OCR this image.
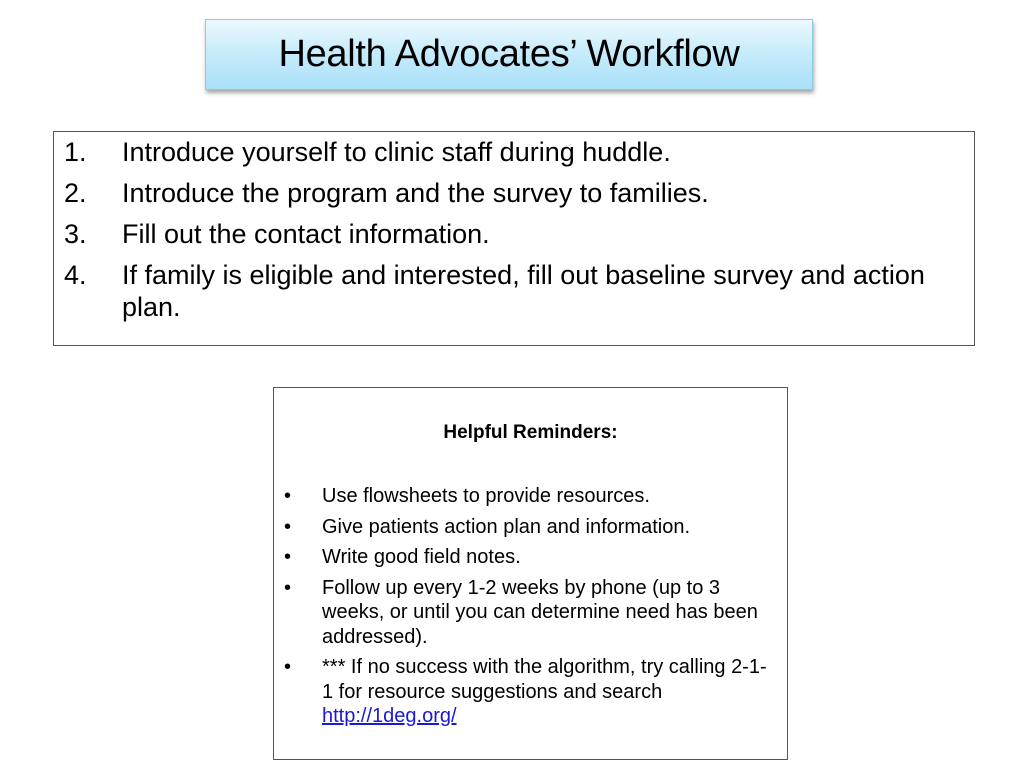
Health Advocates’ Workflow
1.	Introduce yourself to clinic staff during huddle.
2.	Introduce the program and the survey to families.
3.	Fill out the contact information.
4.	If family is eligible and interested, fill out baseline survey and action plan.
Helpful Reminders:
•	Use flowsheets to provide resources.
•	Give patients action plan and information.
•	Write good field notes.
•	Follow up every 1-2 weeks by phone (up to 3 weeks, or until you can determine need has been addressed).
•	*** If no success with the algorithm, try calling 2-1-1 for resource suggestions and search http://1deg.org/
